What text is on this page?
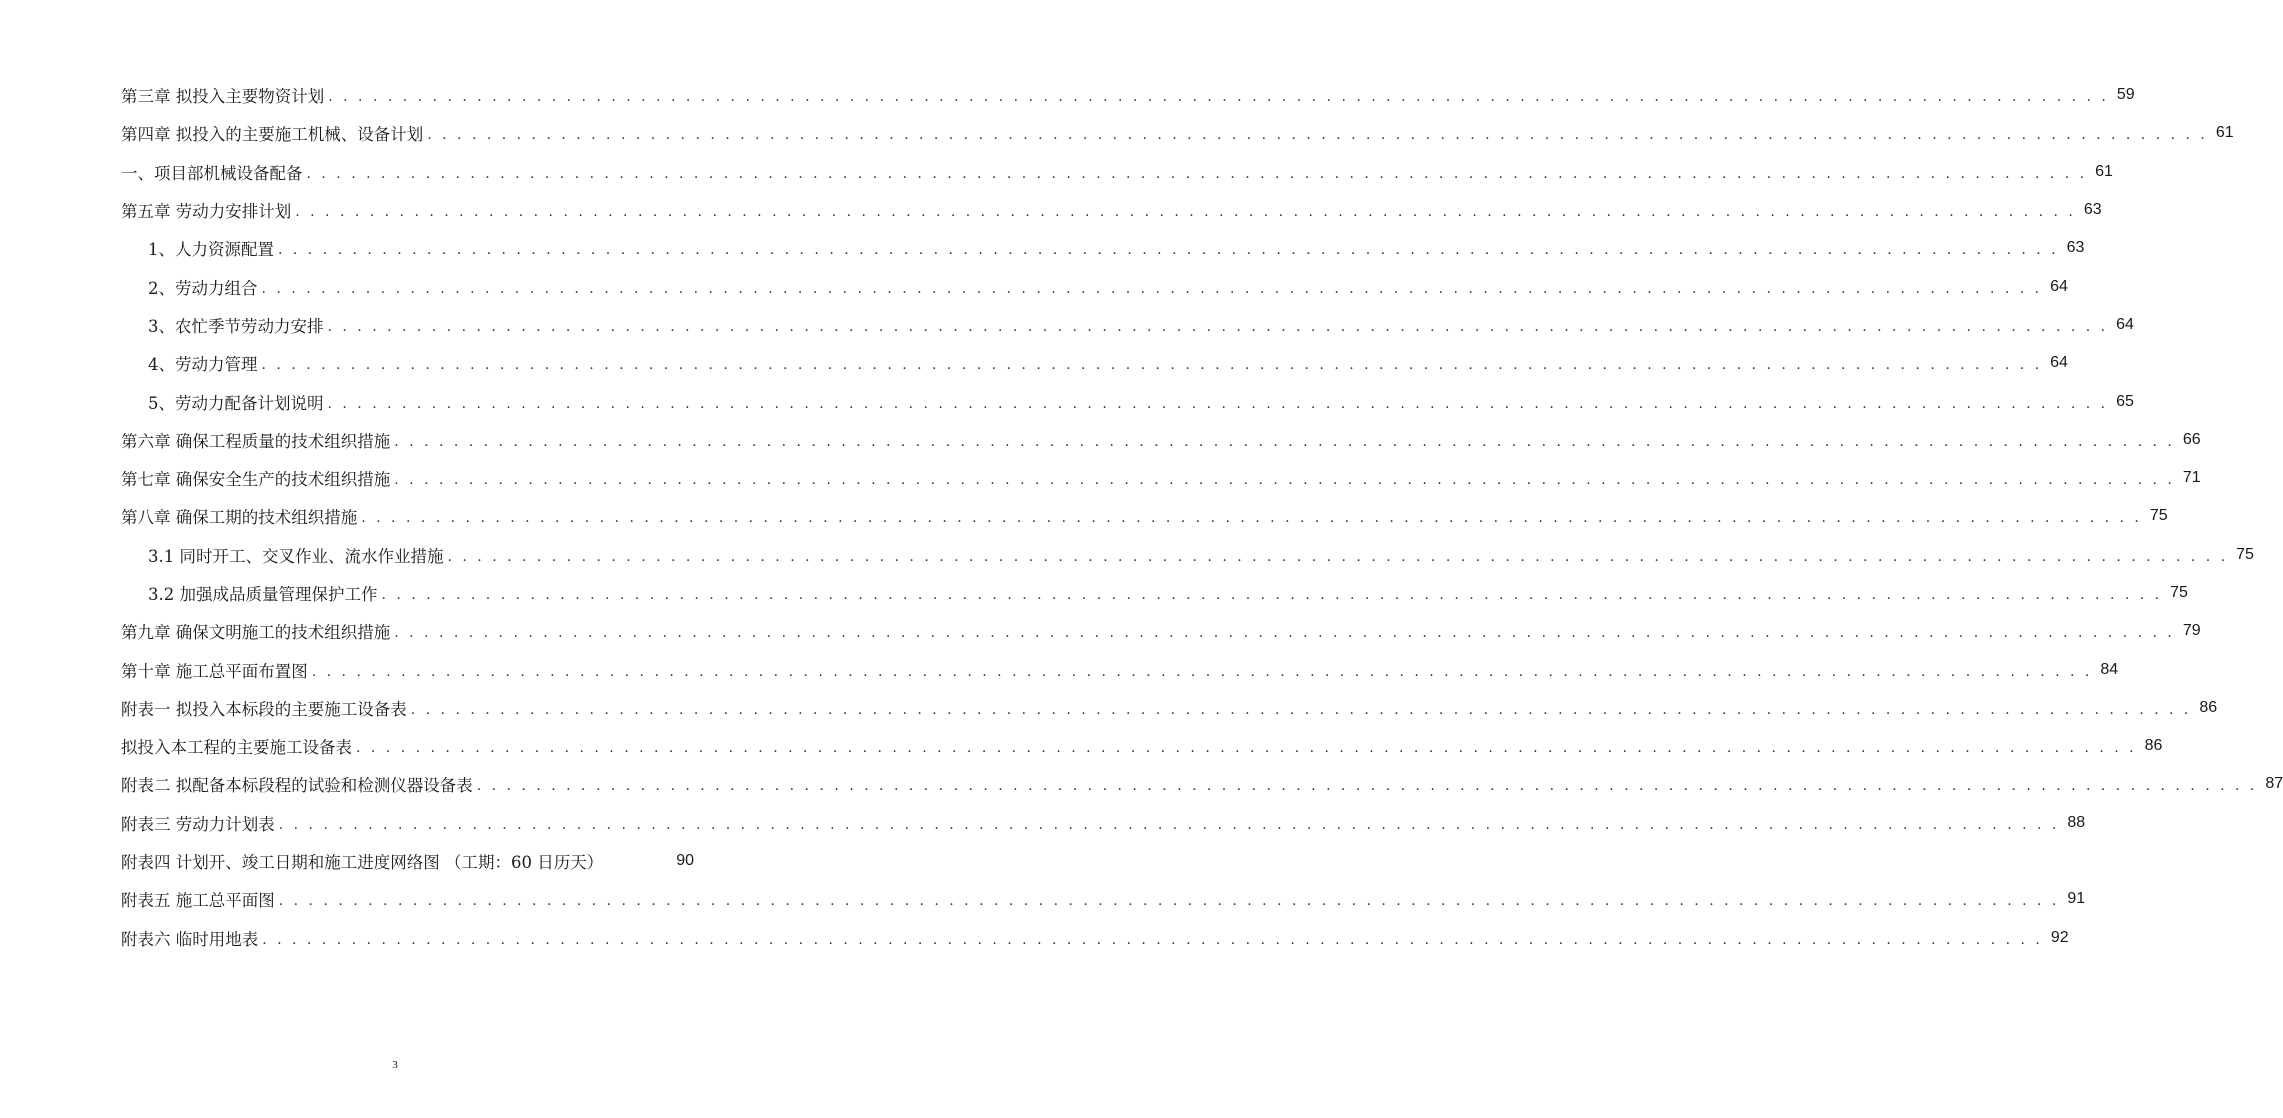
第三章 拟投入主要物资计划 . . . . . . . . . . . . . . . . . . . . . . . . . . . . . . . . . . . . . . . . . . . . . . . . . . . . . . . . . . . . . . . . . . . . . . . . . . . . . . . . . . . . . . . . . . . . . . . . . . . . . . . . . . . . . . . . . . . . . . . . 59
第四章 拟投入的主要施工机械、设备计划 . . . . . . . . . . . . . . . . . . . . . . . . . . . . . . . . . . . . . . . . . . . . . . . . . . . . . . . . . . . . . . . . . . . . . . . . . . . . . . . . . . . . . . . . . . . . . . . . . . . . . . . . . . . . . . . . . . . . . . . . 61
一、项目部机械设备配备 . . . . . . . . . . . . . . . . . . . . . . . . . . . . . . . . . . . . . . . . . . . . . . . . . . . . . . . . . . . . . . . . . . . . . . . . . . . . . . . . . . . . . . . . . . . . . . . . . . . . . . . . . . . . . . . . . . . . . . . . 61
第五章 劳动力安排计划 . . . . . . . . . . . . . . . . . . . . . . . . . . . . . . . . . . . . . . . . . . . . . . . . . . . . . . . . . . . . . . . . . . . . . . . . . . . . . . . . . . . . . . . . . . . . . . . . . . . . . . . . . . . . . . . . . . . . . . . . 63
1、人力资源配置 . . . . . . . . . . . . . . . . . . . . . . . . . . . . . . . . . . . . . . . . . . . . . . . . . . . . . . . . . . . . . . . . . . . . . . . . . . . . . . . . . . . . . . . . . . . . . . . . . . . . . . . . . . . . . . . . . . . . . . . . 63
2、劳动力组合 . . . . . . . . . . . . . . . . . . . . . . . . . . . . . . . . . . . . . . . . . . . . . . . . . . . . . . . . . . . . . . . . . . . . . . . . . . . . . . . . . . . . . . . . . . . . . . . . . . . . . . . . . . . . . . . . . . . . . . . . 64
3、农忙季节劳动力安排 . . . . . . . . . . . . . . . . . . . . . . . . . . . . . . . . . . . . . . . . . . . . . . . . . . . . . . . . . . . . . . . . . . . . . . . . . . . . . . . . . . . . . . . . . . . . . . . . . . . . . . . . . . . . . . . . . . . . . . . . 64
4、劳动力管理 . . . . . . . . . . . . . . . . . . . . . . . . . . . . . . . . . . . . . . . . . . . . . . . . . . . . . . . . . . . . . . . . . . . . . . . . . . . . . . . . . . . . . . . . . . . . . . . . . . . . . . . . . . . . . . . . . . . . . . . . 64
5、劳动力配备计划说明 . . . . . . . . . . . . . . . . . . . . . . . . . . . . . . . . . . . . . . . . . . . . . . . . . . . . . . . . . . . . . . . . . . . . . . . . . . . . . . . . . . . . . . . . . . . . . . . . . . . . . . . . . . . . . . . . . . . . . . . . 65
第六章 确保工程质量的技术组织措施 . . . . . . . . . . . . . . . . . . . . . . . . . . . . . . . . . . . . . . . . . . . . . . . . . . . . . . . . . . . . . . . . . . . . . . . . . . . . . . . . . . . . . . . . . . . . . . . . . . . . . . . . . . . . . . . . . . . . . . . . 66
第七章 确保安全生产的技术组织措施 . . . . . . . . . . . . . . . . . . . . . . . . . . . . . . . . . . . . . . . . . . . . . . . . . . . . . . . . . . . . . . . . . . . . . . . . . . . . . . . . . . . . . . . . . . . . . . . . . . . . . . . . . . . . . . . . . . . . . . . . 71
第八章 确保工期的技术组织措施 . . . . . . . . . . . . . . . . . . . . . . . . . . . . . . . . . . . . . . . . . . . . . . . . . . . . . . . . . . . . . . . . . . . . . . . . . . . . . . . . . . . . . . . . . . . . . . . . . . . . . . . . . . . . . . . . . . . . . . . . 75
3.1 同时开工、交叉作业、流水作业措施 . . . . . . . . . . . . . . . . . . . . . . . . . . . . . . . . . . . . . . . . . . . . . . . . . . . . . . . . . . . . . . . . . . . . . . . . . . . . . . . . . . . . . . . . . . . . . . . . . . . . . . . . . . . . . . . . . . . . . . . . 75
3.2 加强成品质量管理保护工作 . . . . . . . . . . . . . . . . . . . . . . . . . . . . . . . . . . . . . . . . . . . . . . . . . . . . . . . . . . . . . . . . . . . . . . . . . . . . . . . . . . . . . . . . . . . . . . . . . . . . . . . . . . . . . . . . . . . . . . . . 75
第九章 确保文明施工的技术组织措施 . . . . . . . . . . . . . . . . . . . . . . . . . . . . . . . . . . . . . . . . . . . . . . . . . . . . . . . . . . . . . . . . . . . . . . . . . . . . . . . . . . . . . . . . . . . . . . . . . . . . . . . . . . . . . . . . . . . . . . . . 79
第十章 施工总平面布置图 . . . . . . . . . . . . . . . . . . . . . . . . . . . . . . . . . . . . . . . . . . . . . . . . . . . . . . . . . . . . . . . . . . . . . . . . . . . . . . . . . . . . . . . . . . . . . . . . . . . . . . . . . . . . . . . . . . . . . . . . 84
附表一 拟投入本标段的主要施工设备表 . . . . . . . . . . . . . . . . . . . . . . . . . . . . . . . . . . . . . . . . . . . . . . . . . . . . . . . . . . . . . . . . . . . . . . . . . . . . . . . . . . . . . . . . . . . . . . . . . . . . . . . . . . . . . . . . . . . . . . . . 86
拟投入本工程的主要施工设备表 . . . . . . . . . . . . . . . . . . . . . . . . . . . . . . . . . . . . . . . . . . . . . . . . . . . . . . . . . . . . . . . . . . . . . . . . . . . . . . . . . . . . . . . . . . . . . . . . . . . . . . . . . . . . . . . . . . . . . . . . 86
附表二 拟配备本标段程的试验和检测仪器设备表 . . . . . . . . . . . . . . . . . . . . . . . . . . . . . . . . . . . . . . . . . . . . . . . . . . . . . . . . . . . . . . . . . . . . . . . . . . . . . . . . . . . . . . . . . . . . . . . . . . . . . . . . . . . . . . . . . . . . . . . . 87
附表三 劳动力计划表 . . . . . . . . . . . . . . . . . . . . . . . . . . . . . . . . . . . . . . . . . . . . . . . . . . . . . . . . . . . . . . . . . . . . . . . . . . . . . . . . . . . . . . . . . . . . . . . . . . . . . . . . . . . . . . . . . . . . . . . . 88
附表四 计划开、竣工日期和施工进度网络图 （工期：60 日历天）	90
附表五 施工总平面图 . . . . . . . . . . . . . . . . . . . . . . . . . . . . . . . . . . . . . . . . . . . . . . . . . . . . . . . . . . . . . . . . . . . . . . . . . . . . . . . . . . . . . . . . . . . . . . . . . . . . . . . . . . . . . . . . . . . . . . . . 91
附表六 临时用地表 . . . . . . . . . . . . . . . . . . . . . . . . . . . . . . . . . . . . . . . . . . . . . . . . . . . . . . . . . . . . . . . . . . . . . . . . . . . . . . . . . . . . . . . . . . . . . . . . . . . . . . . . . . . . . . . . . . . . . . . . 92
3
